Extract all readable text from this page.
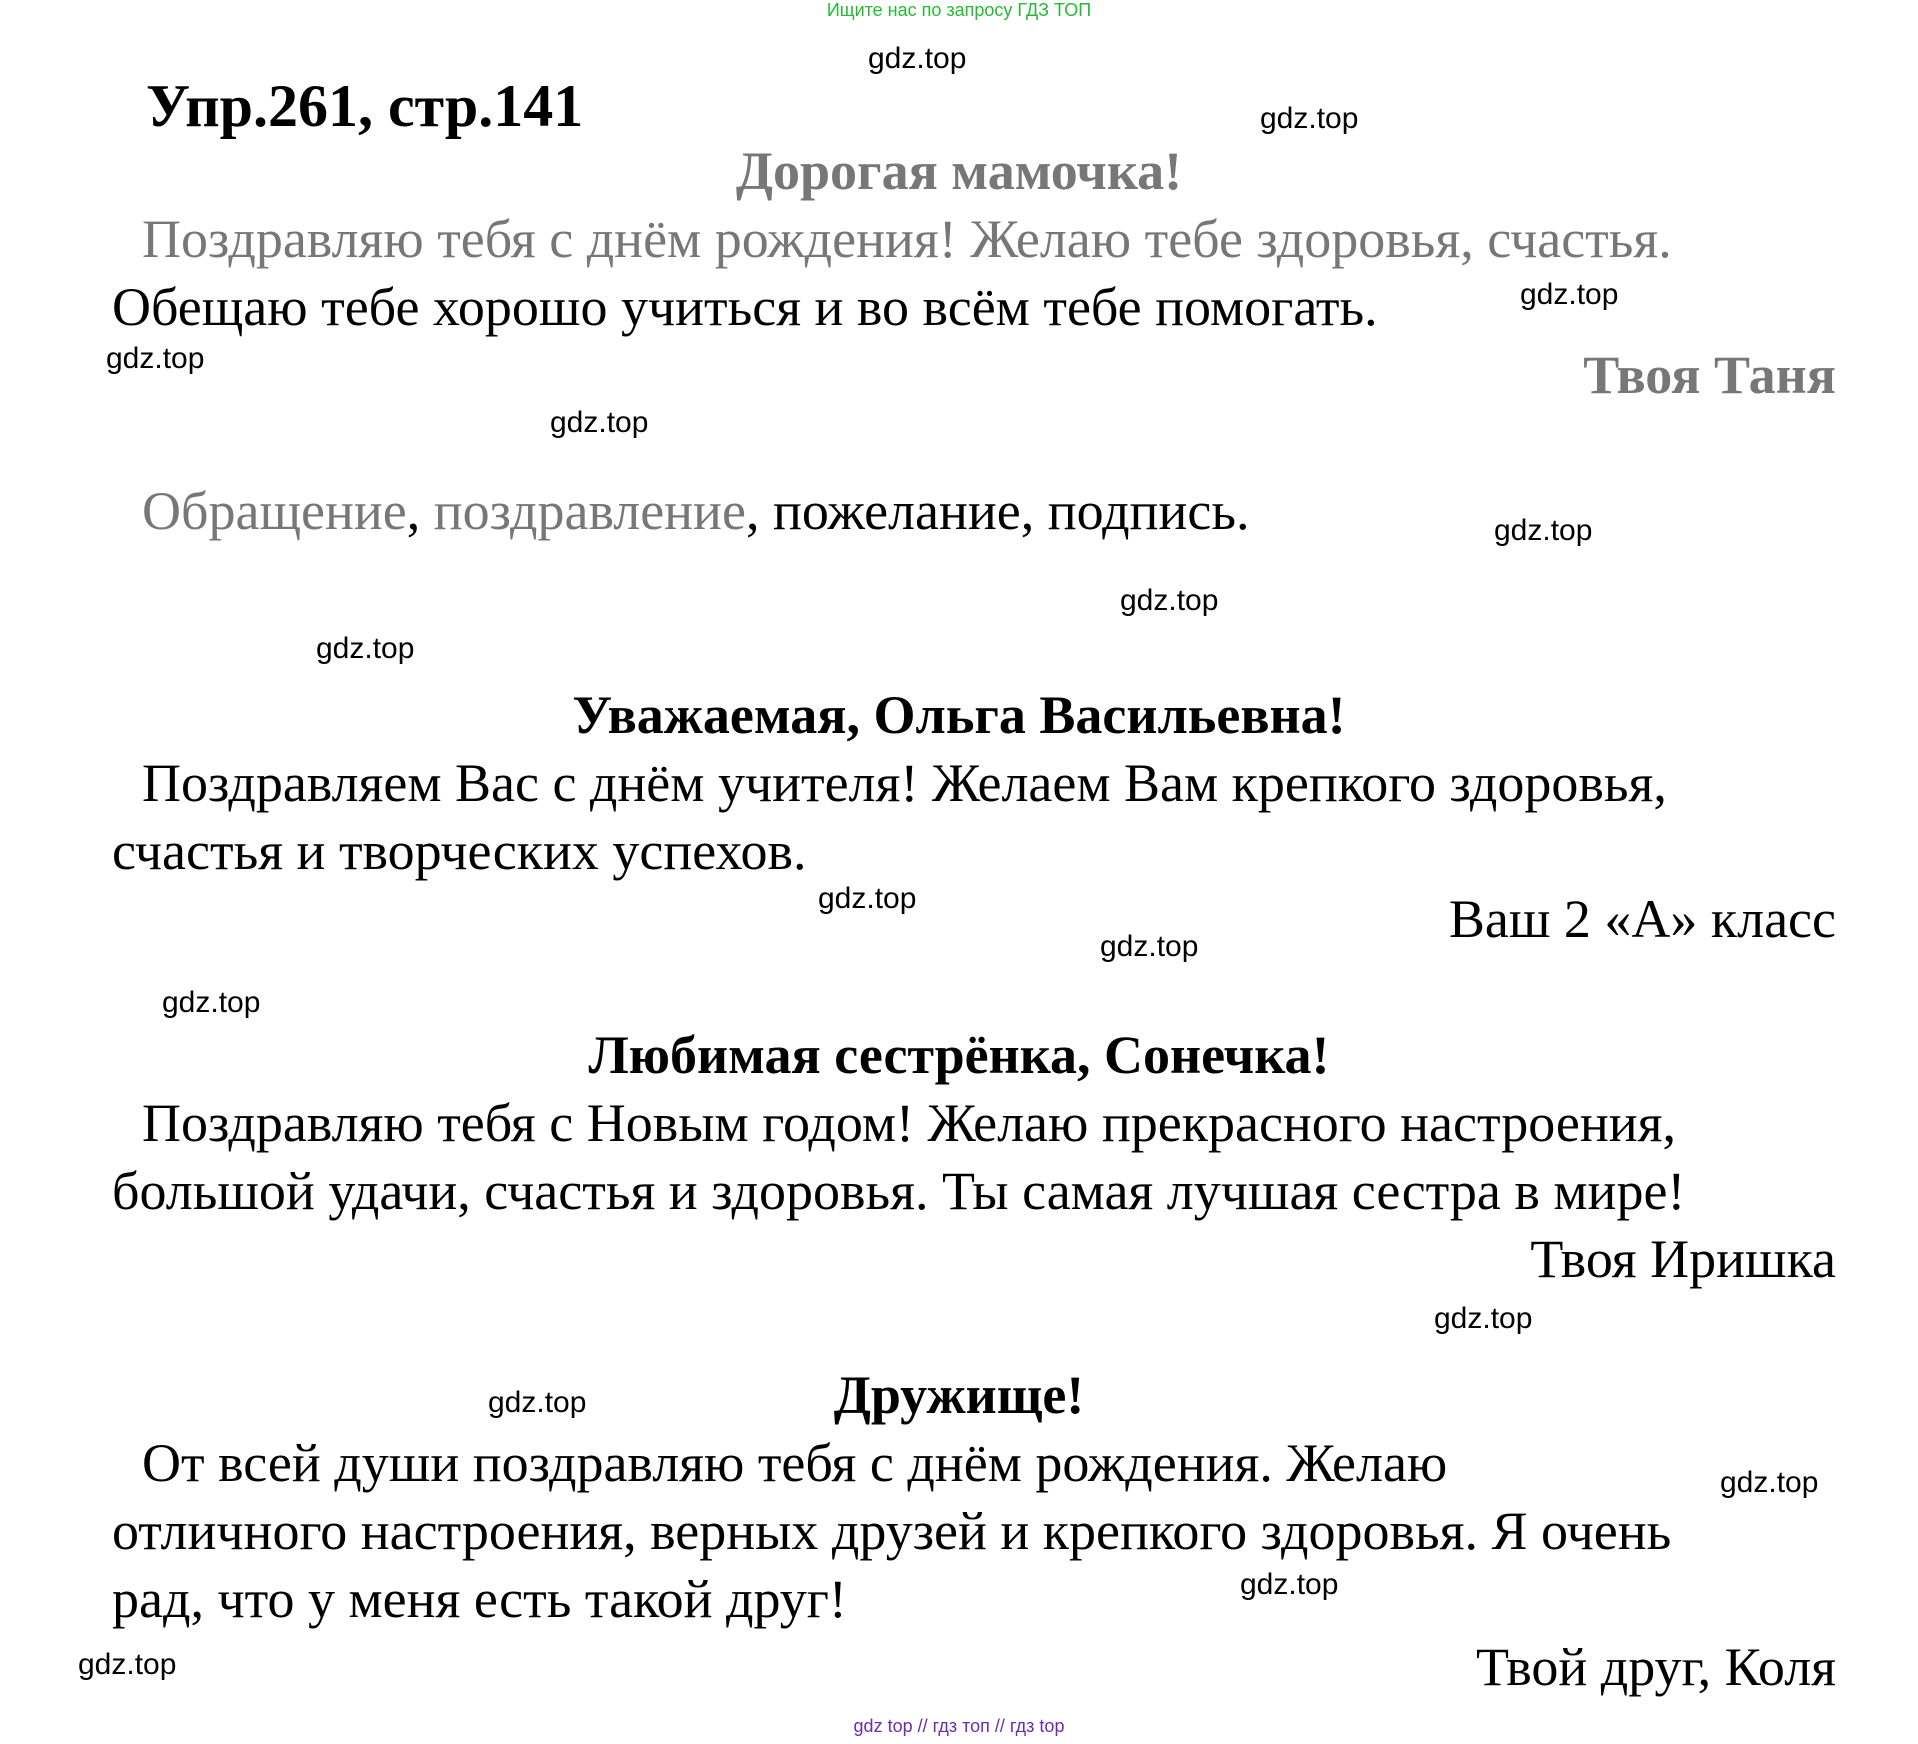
Ищите нас по запросу ГДЗ ТОП
Упр.261, стр.141
Дорогая мамочка!
Поздравляю тебя с днём рождения! Желаю тебе здоровья, счастья.
Обещаю тебе хорошо учиться и во всём тебе помогать.
Твоя Таня
Обращение, поздравление, пожелание, подпись.
Уважаемая, Ольга Васильевна!
Поздравляем Вас с днём учителя! Желаем Вам крепкого здоровья,
счастья и творческих успехов.
Ваш 2 «А» класс
Любимая сестрёнка, Сонечка!
Поздравляю тебя с Новым годом! Желаю прекрасного настроения,
большой удачи, счастья и здоровья. Ты самая лучшая сестра в мире!
Твоя Иришка
Дружище!
От всей души поздравляю тебя с днём рождения. Желаю
отличного настроения, верных друзей и крепкого здоровья. Я очень
рад, что у меня есть такой друг!
Твой друг, Коля
gdz.top
gdz.top
gdz.top
gdz.top
gdz.top
gdz.top
gdz.top
gdz.top
gdz.top
gdz.top
gdz.top
gdz.top
gdz.top
gdz.top
gdz.top
gdz.top
gdz top // гдз топ // гдз top
